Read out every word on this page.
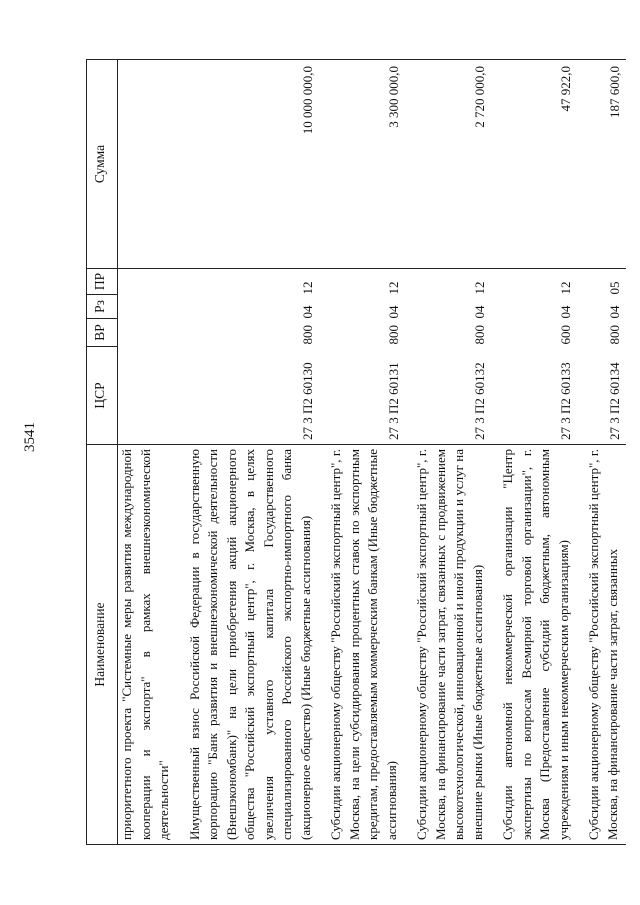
3541
Наименование	ЦСР	ВР	Рз	ПР	Сумма
приоритетного проекта "Системные меры развития международной кооперации и экспорта" в рамках внешнеэкономической деятельности"					

Имущественный взнос Российской Федерации в государственную корпорацию "Банк развития и внешнеэкономической деятельности (Внешэкономбанк)" на цели приобретения акций акционерного общества "Российский экспортный центр", г. Москва, в целях увеличения уставного капитала Государственного специализированного Российского экспортно-импортного банка (акционерное общество) (Иные бюджетные ассигнования)	27 3 П2 60130	800	04	12	10 000 000,0

Субсидии акционерному обществу "Российский экспортный центр", г. Москва, на цели субсидирования процентных ставок по экспортным кредитам, предоставляемым коммерческим банкам (Иные бюджетные ассигнования)	27 3 П2 60131	800	04	12	3 300 000,0

Субсидии акционерному обществу "Российский экспортный центр", г. Москва, на финансирование части затрат, связанных с продвижением высокотехнологической, инновационной и иной продукции и услуг на внешние рынки (Иные бюджетные ассигнования)	27 3 П2 60132	800	04	12	2 720 000,0

Субсидии автономной некоммерческой организации "Центр экспертизы по вопросам Всемирной торговой организации", г. Москва (Предоставление субсидий бюджетным, автономным учреждениям и иным некоммерческим организациям)	27 3 П2 60133	600	04	12	47 922,0

Субсидии акционерному обществу "Российский экспортный центр", г. Москва, на финансирование части затрат, связанных	27 3 П2 60134	800	04	05	187 600,0
